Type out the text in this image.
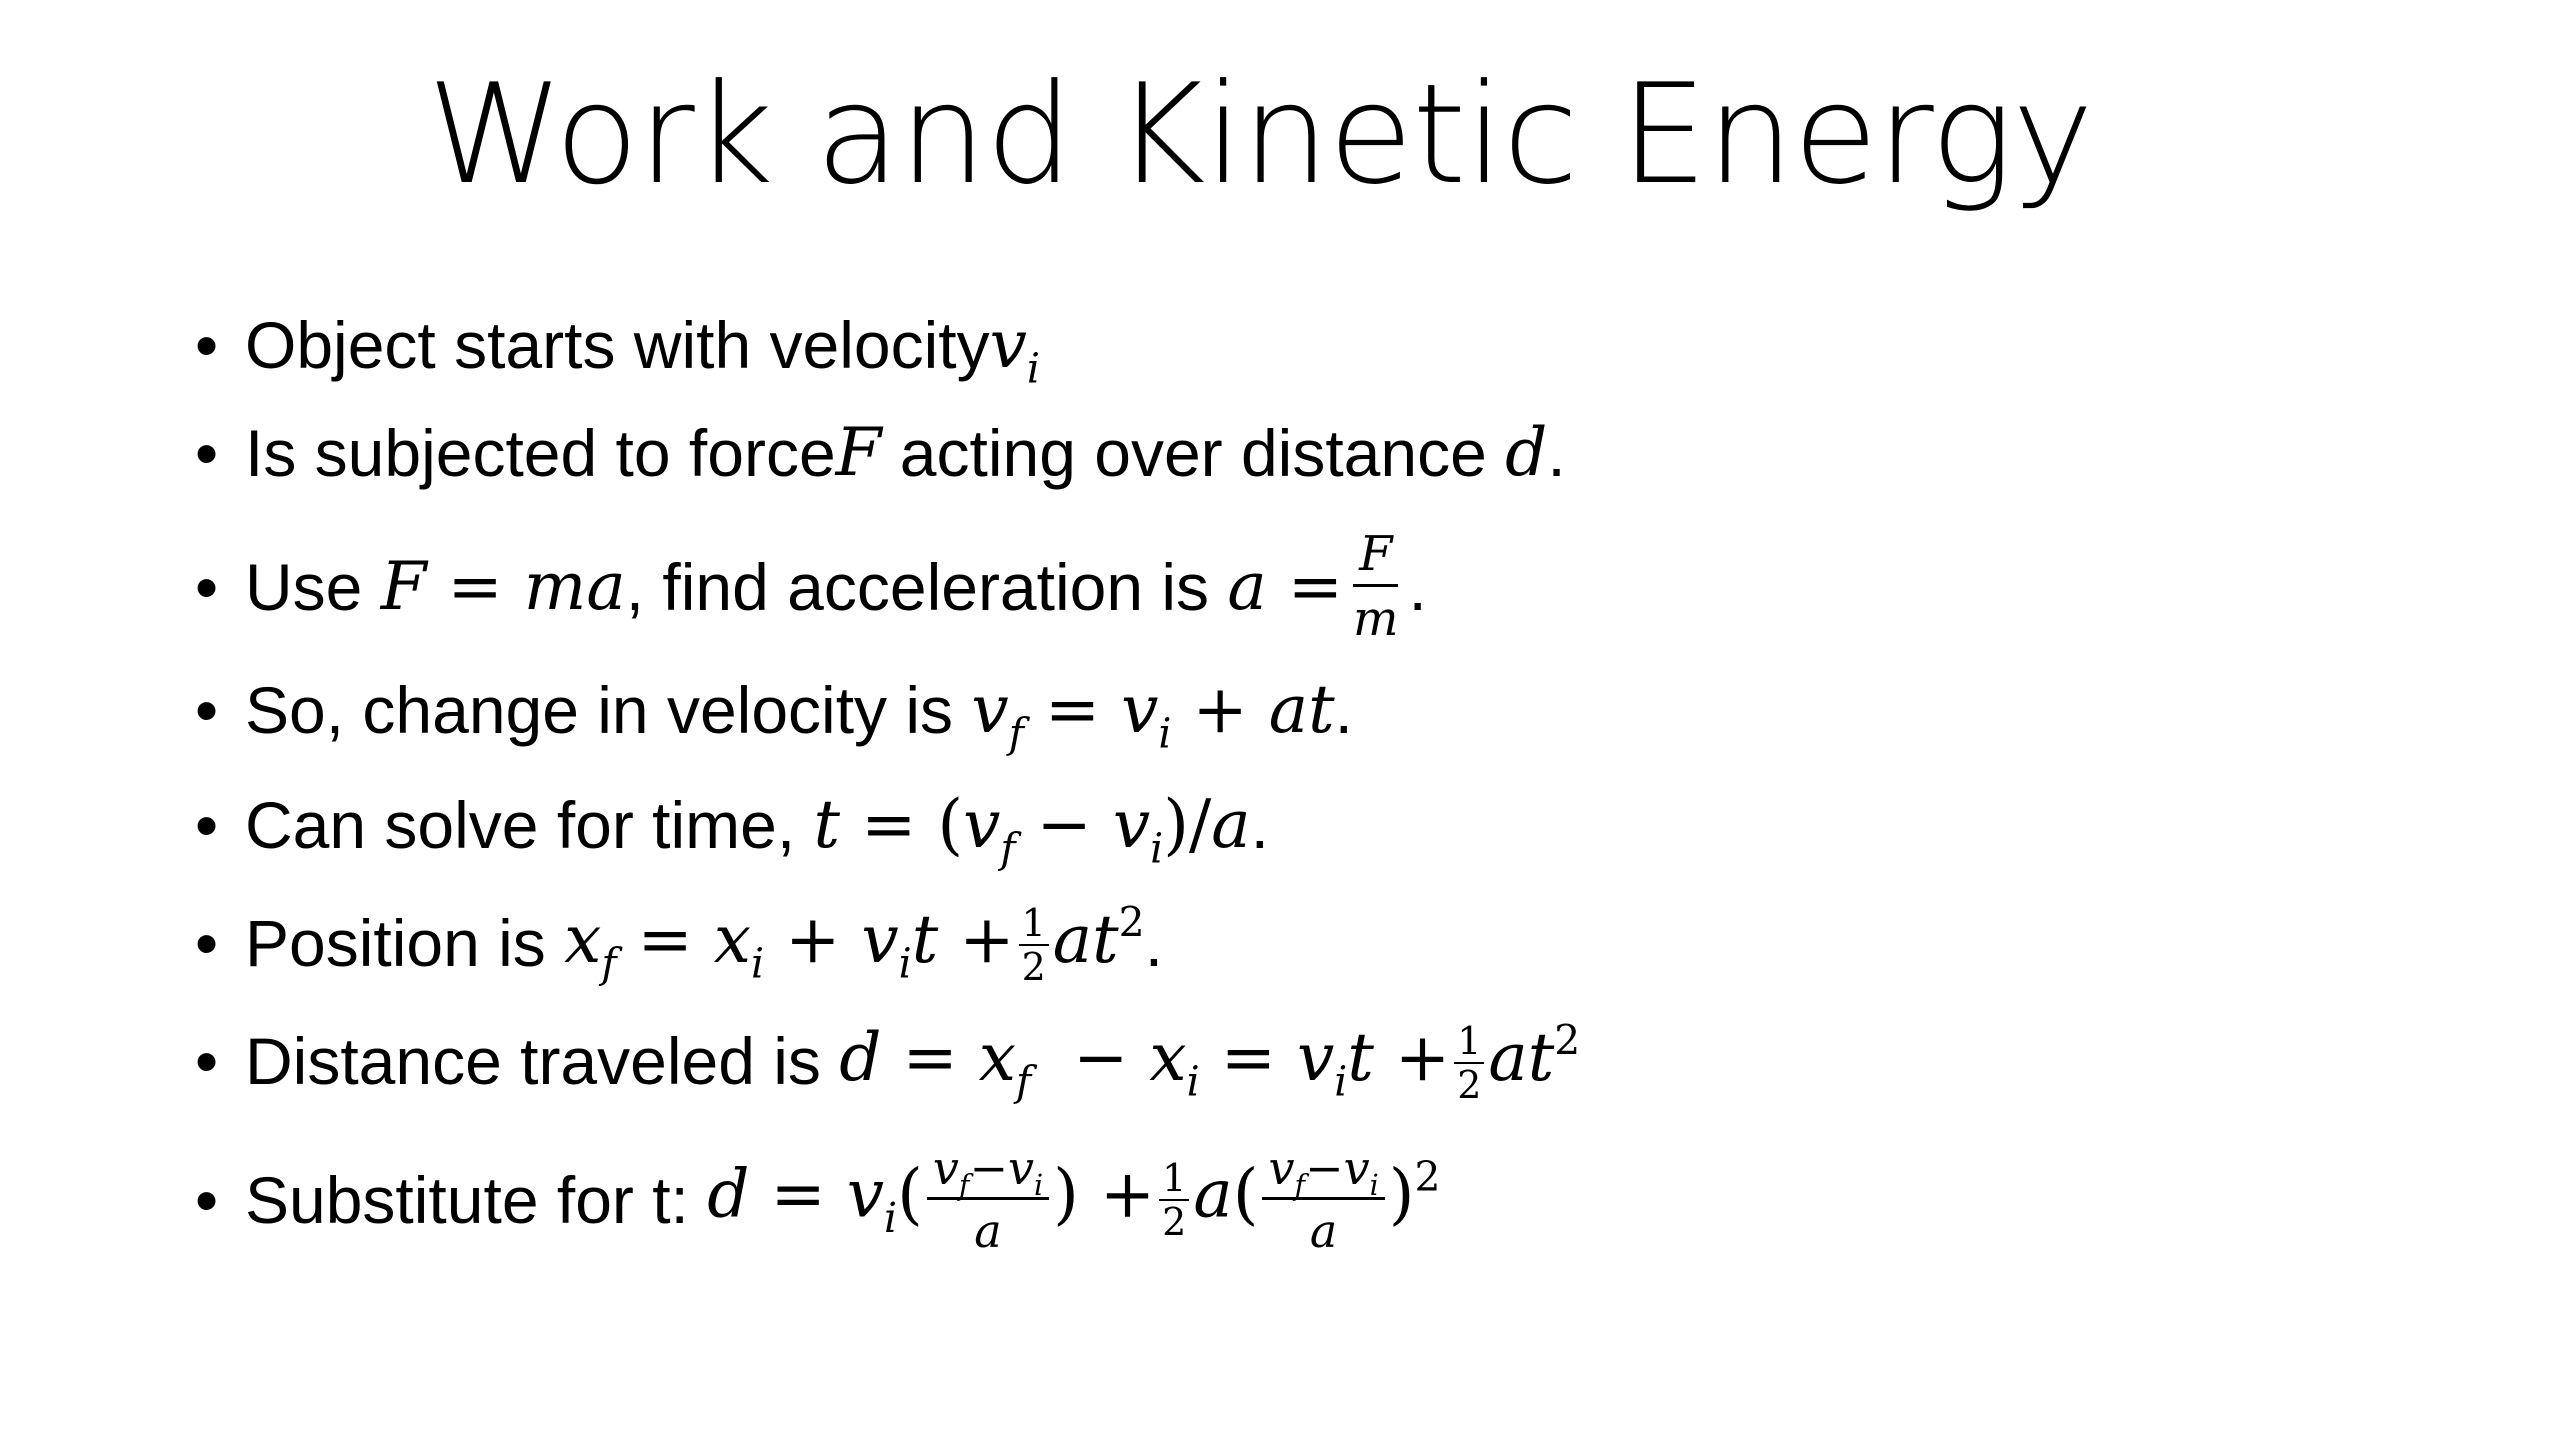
Work and Kinetic Energy
• Object starts with velocity $v_i$
• Is subjected to force F acting over distance d .
• Use F = ma , find acceleration is $a = \frac{F}{m}$ .
• So, change in velocity is $v_f = v_i$ + at .
• Can solve for time, $t = (v_f - v_i)/a$ .
• Position is $x_f = x_i + v_it + \frac{1}{2} at^2$ .
• Distance traveled is $d = x_f - x_i = v_it + \frac{1}{2} at^2$
• Substitute for t: $d = v_i( \frac{v_f-v_i}{a}$ ) + $\frac{1}{2} a( \frac{v_f-v_i}{a} )^2$
